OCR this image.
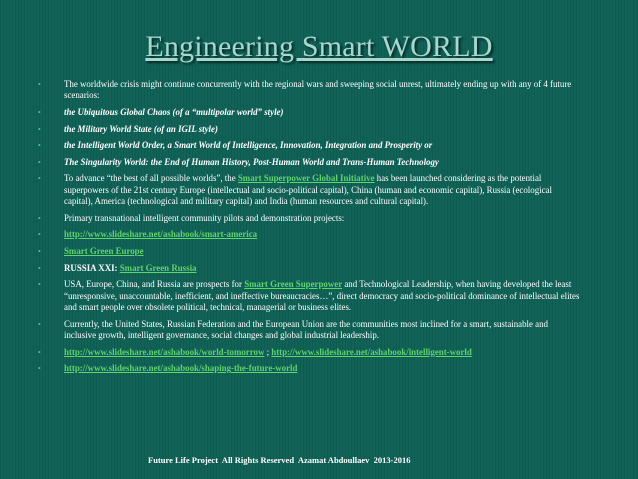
Engineering Smart WORLD
•	The worldwide crisis might continue concurrently with the regional wars and sweeping social unrest, ultimately ending up with any of 4 future scenarios:
•	the Ubiquitous Global Chaos (of a “multipolar world” style)
•	the Military World State (of an IGIL style)
•	the Intelligent World Order, a Smart World of Intelligence, Innovation, Integration and Prosperity or
•	The Singularity World: the End of Human History, Post-Human World and Trans-Human Technology
•	To advance “the best of all possible worlds”, the Smart Superpower Global Initiative has been launched considering as the potential superpowers of the 21st century Europe (intellectual and socio-political capital), China (human and economic capital), Russia (ecological capital), America (technological and military capital) and India (human resources and cultural capital).
•	Primary transnational intelligent community pilots and demonstration projects:
•	http://www.slideshare.net/ashabook/smart-america
•	Smart Green Europe
•	RUSSIA XXI: Smart Green Russia
•	USA, Europe, China, and Russia are prospects for Smart Green Superpower and Technological Leadership, when having developed the least “unresponsive, unaccountable, inefficient, and ineffective bureaucracies…”, direct democracy and socio-political dominance of intellectual elites and smart people over obsolete political, technical, managerial or business elites.
•	Currently, the United States, Russian Federation and the European Union are the communities most inclined for a smart, sustainable and inclusive growth, intelligent governance, social changes and global industrial leadership.
•	http://www.slideshare.net/ashabook/world-tomorrow ; http://www.slideshare.net/ashabook/intelligent-world
•	http://www.slideshare.net/ashabook/shaping-the-future-world
Future Life Project  All Rights Reserved  Azamat Abdoullaev  2013-2016
